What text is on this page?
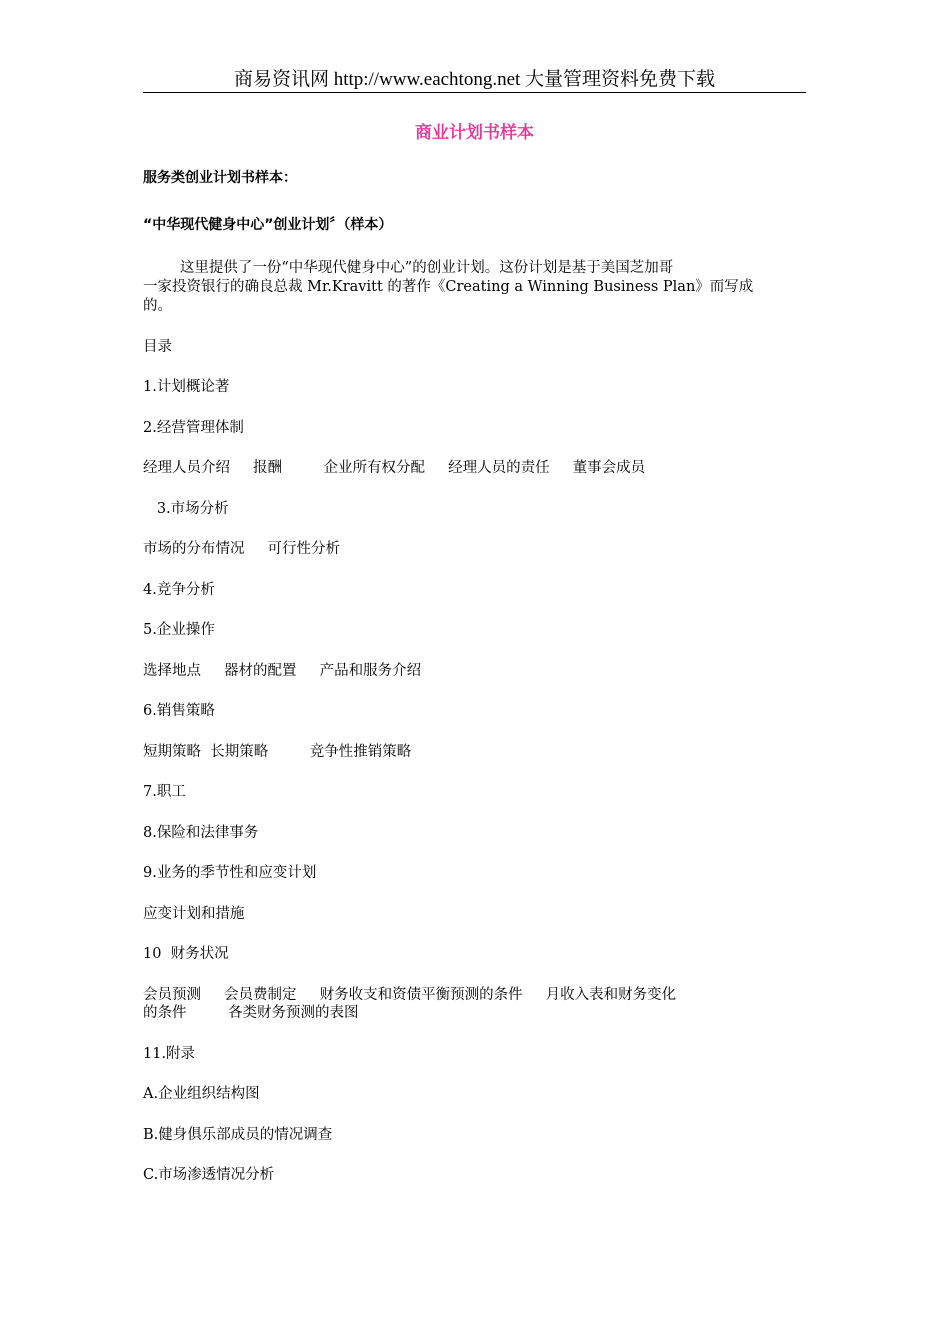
商易资讯网 http://www.eachtong.net 大量管理资料免费下载
商业计划书样本
服务类创业计划书样本：
“中华现代健身中心”创业计划〞（样本）
这里提供了一份“中华现代健身中心”的创业计划。这份计划是基于美国芝加哥
一家投资银行的确良总裁 Mr.Kravitt 的著作《Creating a Winning Business Plan》而写成
的。
目录
1.计划概论著
2.经营管理体制
经理人员介绍     报酬         企业所有权分配     经理人员的责任     董事会成员
3.市场分析
市场的分布情况     可行性分析
4.竞争分析
5.企业操作
选择地点     器材的配置     产品和服务介绍
6.销售策略
短期策略  长期策略         竞争性推销策略
7.职工
8.保险和法律事务
9.业务的季节性和应变计划
应变计划和措施
10  财务状况
会员预测     会员费制定     财务收支和资债平衡预测的条件     月收入表和财务变化
的条件         各类财务预测的表图
11.附录
A.企业组织结构图
B.健身俱乐部成员的情况调查
C.市场渗透情况分析
